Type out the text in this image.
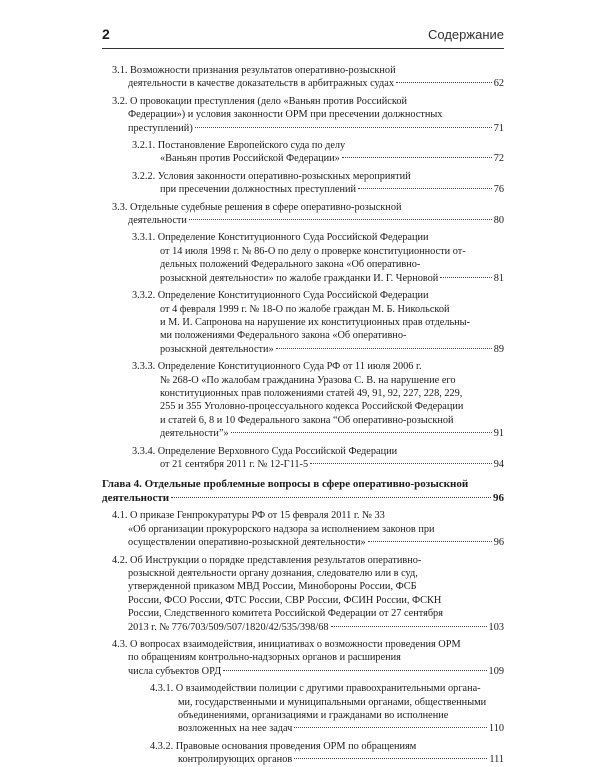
2	Содержание
3.1. Возможности признания результатов оперативно-розыскной
деятельности в качестве доказательств в арбитражных судах	62
3.2. О провокации преступления (дело «Ваньян против Российской
Федерации») и условия законности ОРМ при пресечении должностных
преступлений)	71
3.2.1. Постановление Европейского суда по делу
«Ваньян против Российской Федерации»	72
3.2.2. Условия законности оперативно-розыскных мероприятий
при пресечении должностных преступлений	76
3.3. Отдельные судебные решения в сфере оперативно-розыскной
деятельности	80
3.3.1. Определение Конституционного Суда Российской Федерации
от 14 июля 1998 г. № 86-О по делу о проверке конституционности от-
дельных положений Федерального закона «Об оперативно-
розыскной деятельности» по жалобе гражданки И. Г. Черновой	81
3.3.2. Определение Конституционного Суда Российской Федерации
от 4 февраля 1999 г. № 18-О по жалобе граждан М. Б. Никольской
и М. И. Сапронова на нарушение их конституционных прав отдельны-
ми положениями Федерального закона «Об оперативно-
розыскной деятельности»	89
3.3.3. Определение Конституционного Суда РФ от 11 июля 2006 г.
№ 268-О «По жалобам гражданина Уразова С. В. на нарушение его
конституционных прав положениями статей 49, 91, 92, 227, 228, 229,
255 и 355 Уголовно-процессуального кодекса Российской Федерации
и статей 6, 8 и 10 Федерального закона “Об оперативно-розыскной
деятельности”»	91
3.3.4. Определение Верховного Суда Российской Федерации
от 21 сентября 2011 г. № 12-Г11-5	94
Глава 4. Отдельные проблемные вопросы в сфере оперативно-розыскной
деятельности	96
4.1. О приказе Генпрокуратуры РФ от 15 февраля 2011 г. № 33
«Об организации прокурорского надзора за исполнением законов при
осуществлении оперативно-розыскной деятельности»	96
4.2. Об Инструкции о порядке представления результатов оперативно-
розыскной деятельности органу дознания, следователю или в суд,
утвержденной приказом МВД России, Минобороны России, ФСБ
России, ФСО России, ФТС России, СВР России, ФСИН России, ФСКН
России, Следственного комитета Российской Федерации от 27 сентября
2013 г. № 776/703/509/507/1820/42/535/398/68	103
4.3. О вопросах взаимодействия, инициативах о возможности проведения ОРМ
по обращениям контрольно-надзорных органов и расширения
числа субъектов ОРД	109
4.3.1. О взаимодействии полиции с другими правоохранительными органа-
ми, государственными и муниципальными органами, общественными
объединениями, организациями и гражданами во исполнение
возложенных на нее задач	110
4.3.2. Правовые основания проведения ОРМ по обращениям
контролирующих органов	111
